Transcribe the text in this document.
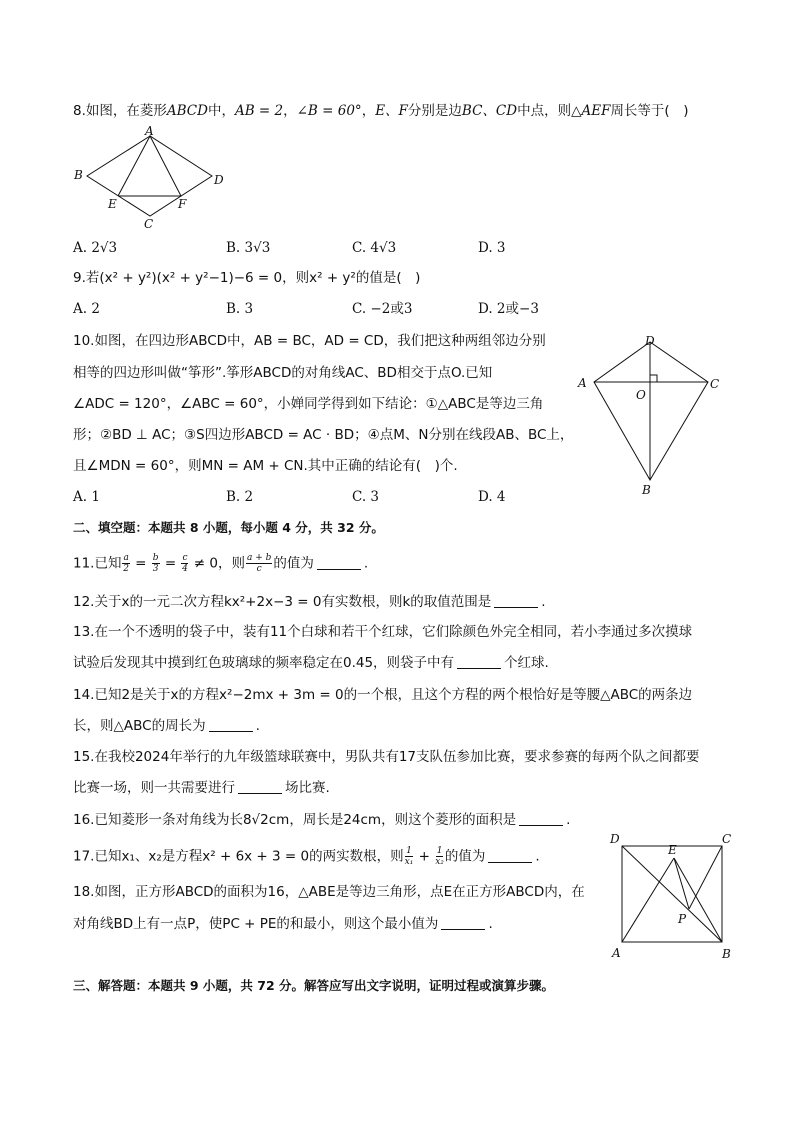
8.如图，在菱形ABCD中，AB = 2，∠B = 60°，E、F分别是边BC、CD中点，则△AEF周长等于(　)
A
B
C
D
E	F
A. 2√3	B. 3√3	C. 4√3	D. 3
9.若(x² + y²)(x² + y²−1)−6 = 0，则x² + y²的值是(　)
A. 2	B. 3	C. −2或3	D. 2或−3
10.如图，在四边形ABCD中，AB = BC，AD = CD，我们把这种两组邻边分别
相等的四边形叫做“筝形”.筝形ABCD的对角线AC、BD相交于点O.已知
∠ADC = 120°，∠ABC = 60°，小婵同学得到如下结论：①△ABC是等边三角
形；②BD ⊥ AC；③S四边形ABCD = AC · BD；④点M、N分别在线段AB、BC上，
且∠MDN = 60°，则MN = AM + CN.其中正确的结论有(　)个.
D
A	C
O
B
A. 1	B. 2	C. 3	D. 4
二、填空题：本题共 8 小题，每小题 4 分，共 32 分。
11.已知 $\frac{a}{2} = \frac{b}{3} = \frac{c}{4} \ne 0$，则 $\frac{a + b}{c}$ 的值为	.
12.关于x的一元二次方程kx²+2x−3 = 0有实数根，则k的取值范围是	.
13.在一个不透明的袋子中，装有11个白球和若干个红球，它们除颜色外完全相同，若小李通过多次摸球
试验后发现其中摸到红色玻璃球的频率稳定在0.45，则袋子中有	个红球.
14.已知2是关于x的方程x²−2mx + 3m = 0的一个根，且这个方程的两个根恰好是等腰△ABC的两条边
长，则△ABC的周长为	.
15.在我校2024年举行的九年级篮球联赛中，男队共有17支队伍参加比赛，要求参赛的每两个队之间都要
比赛一场，则一共需要进行	场比赛.
16.已知菱形一条对角线为长8√2cm，周长是24cm，则这个菱形的面积是	.
17.已知x₁、x₂是方程x² + 6x + 3 = 0的两实数根，则 $\frac{1}{\text{x₁}} + \frac{1}{\text{x₂}}$ 的值为	.
18.如图，正方形ABCD的面积为16，△ABE是等边三角形，点E在正方形ABCD内，在
对角线BD上有一点P，使PC + PE的和最小，则这个最小值为	.
D	C
E
P
A	B
三、解答题：本题共 9 小题，共 72 分。解答应写出文字说明，证明过程或演算步骤。
